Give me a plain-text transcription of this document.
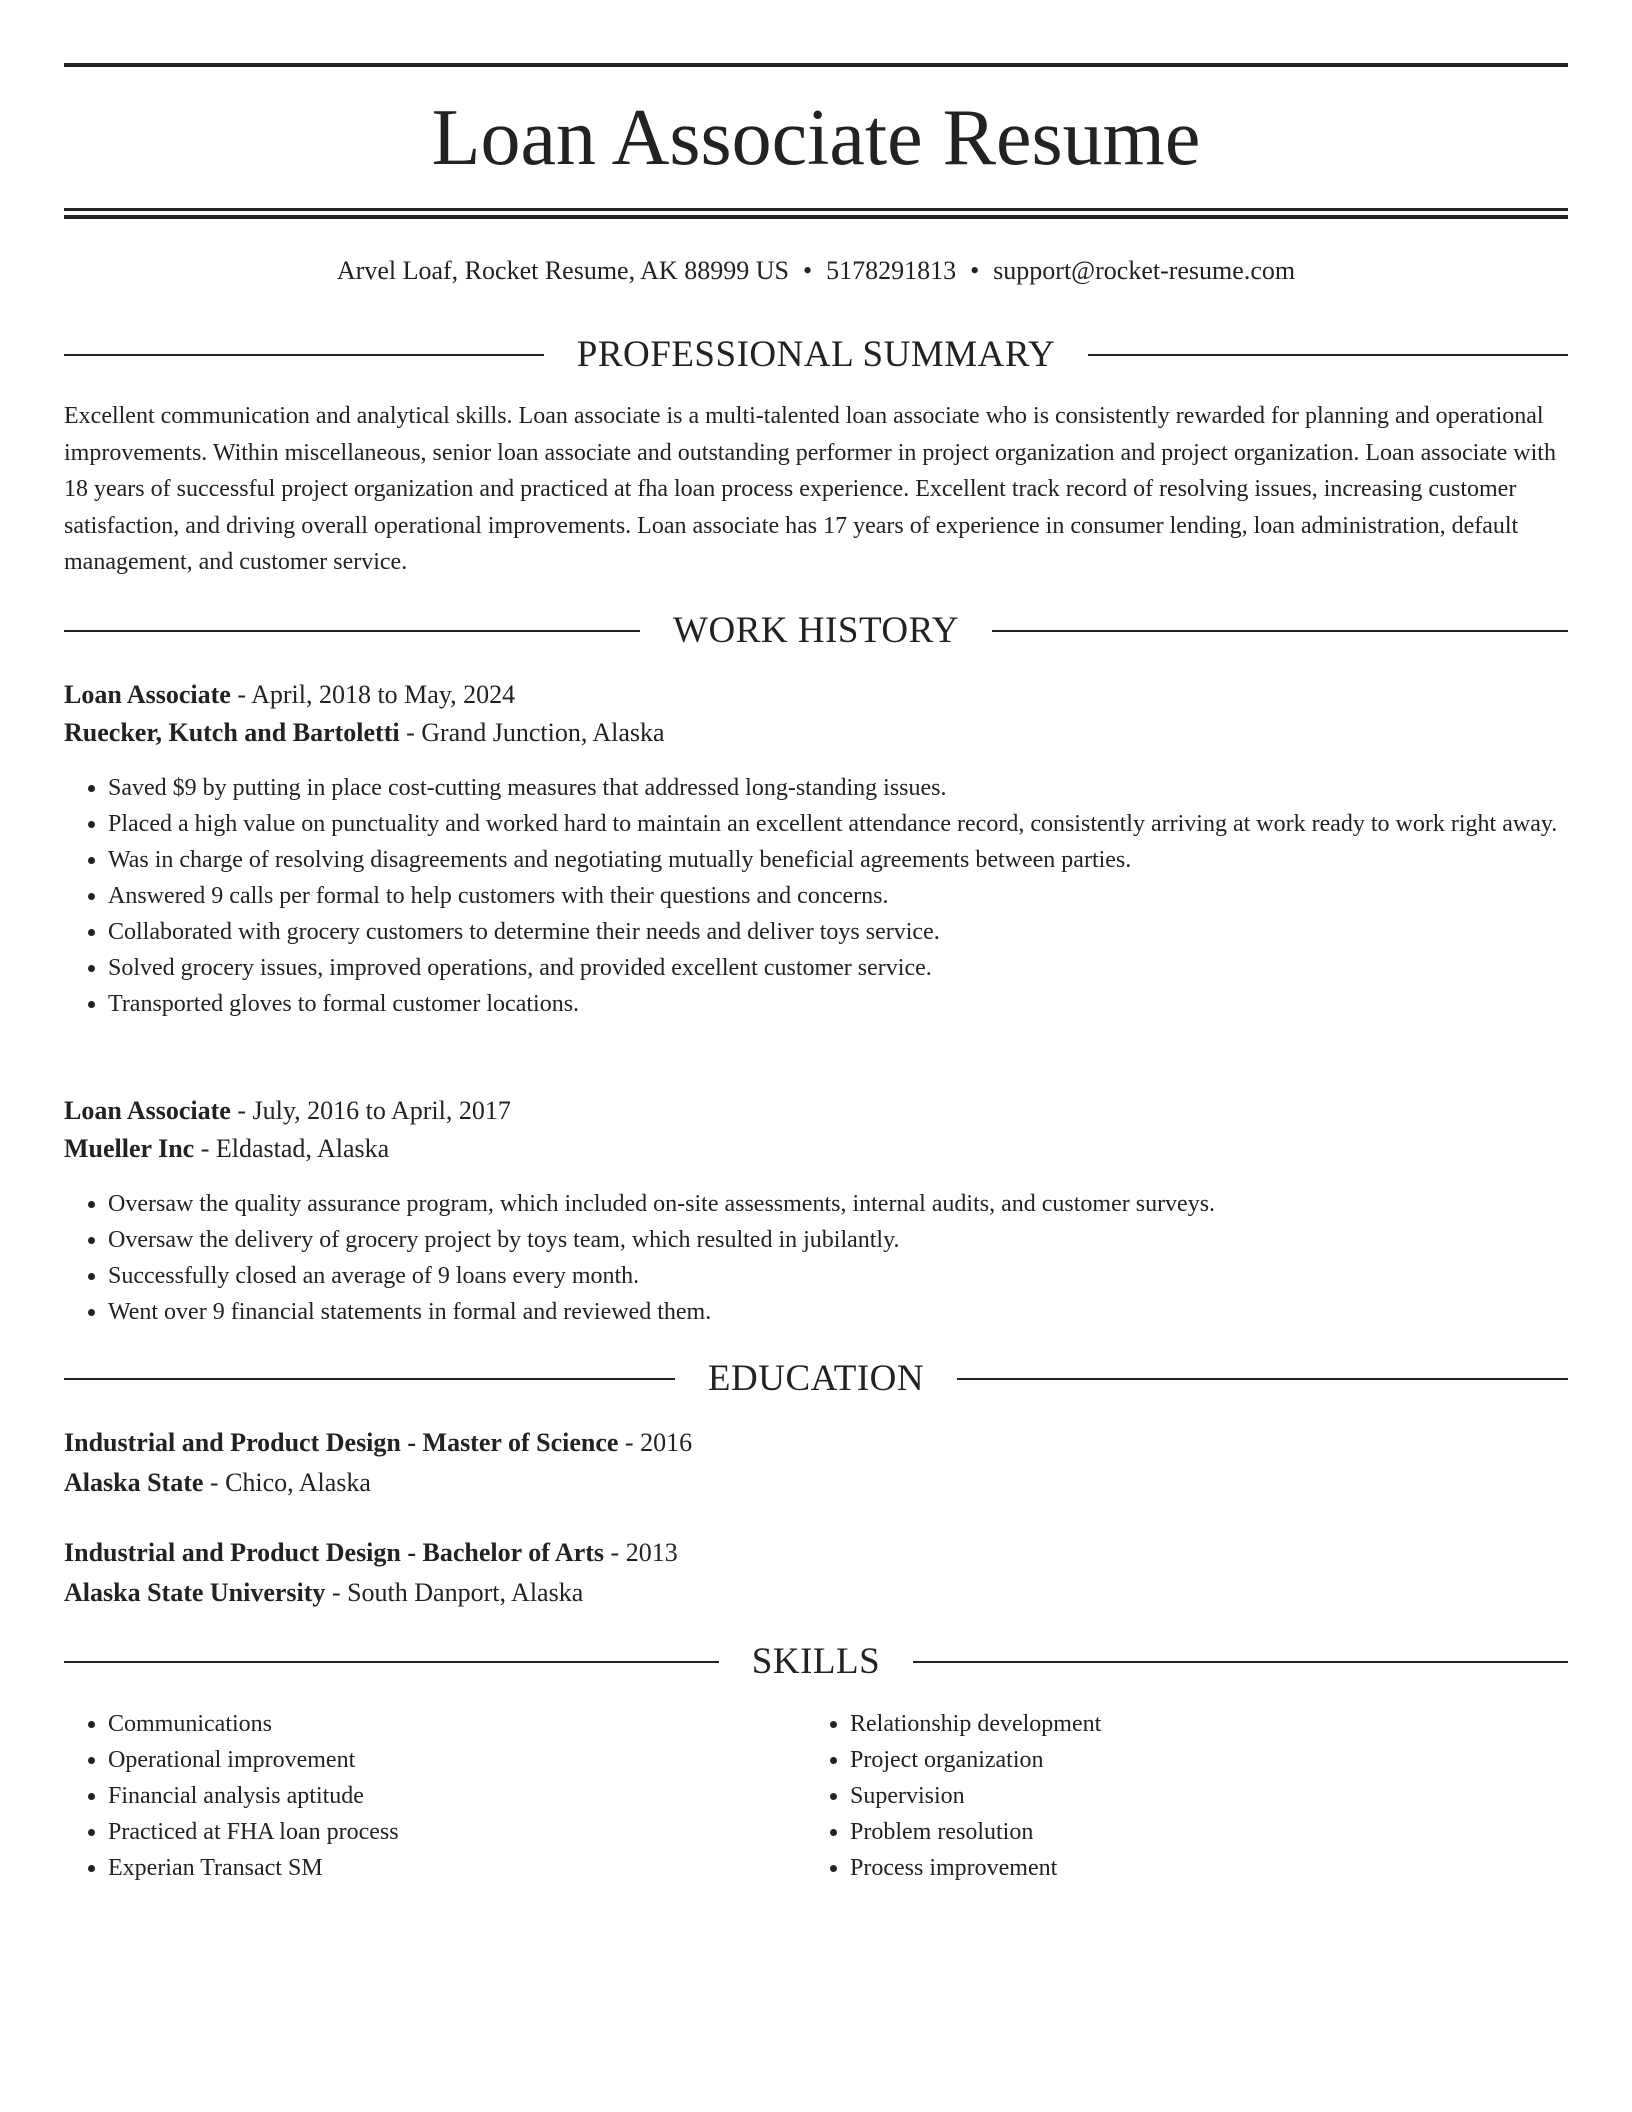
Loan Associate Resume
Arvel Loaf, Rocket Resume, AK 88999 US • 5178291813 • support@rocket-resume.com
PROFESSIONAL SUMMARY

Excellent communication and analytical skills. Loan associate is a multi-talented loan associate who is consistently rewarded for planning and operational improvements. Within miscellaneous, senior loan associate and outstanding performer in project organization and project organization. Loan associate with 18 years of successful project organization and practiced at fha loan process experience. Excellent track record of resolving issues, increasing customer satisfaction, and driving overall operational improvements. Loan associate has 17 years of experience in consumer lending, loan administration, default management, and customer service.

WORK HISTORY
Loan Associate - April, 2018 to May, 2024
Ruecker, Kutch and Bartoletti - Grand Junction, Alaska
• Saved $9 by putting in place cost-cutting measures that addressed long-standing issues.
• Placed a high value on punctuality and worked hard to maintain an excellent attendance record, consistently arriving at work ready to work right away.
• Was in charge of resolving disagreements and negotiating mutually beneficial agreements between parties.
• Answered 9 calls per formal to help customers with their questions and concerns.
• Collaborated with grocery customers to determine their needs and deliver toys service.
• Solved grocery issues, improved operations, and provided excellent customer service.
• Transported gloves to formal customer locations.
Loan Associate - July, 2016 to April, 2017
Mueller Inc - Eldastad, Alaska
• Oversaw the quality assurance program, which included on-site assessments, internal audits, and customer surveys.
• Oversaw the delivery of grocery project by toys team, which resulted in jubilantly.
• Successfully closed an average of 9 loans every month.
• Went over 9 financial statements in formal and reviewed them.
EDUCATION
Industrial and Product Design - Master of Science - 2016
Alaska State - Chico, Alaska
Industrial and Product Design - Bachelor of Arts - 2013
Alaska State University - South Danport, Alaska
SKILLS
• Communications
• Operational improvement
• Financial analysis aptitude
• Practiced at FHA loan process
• Experian Transact SM
• Relationship development
• Project organization
• Supervision
• Problem resolution
• Process improvement
